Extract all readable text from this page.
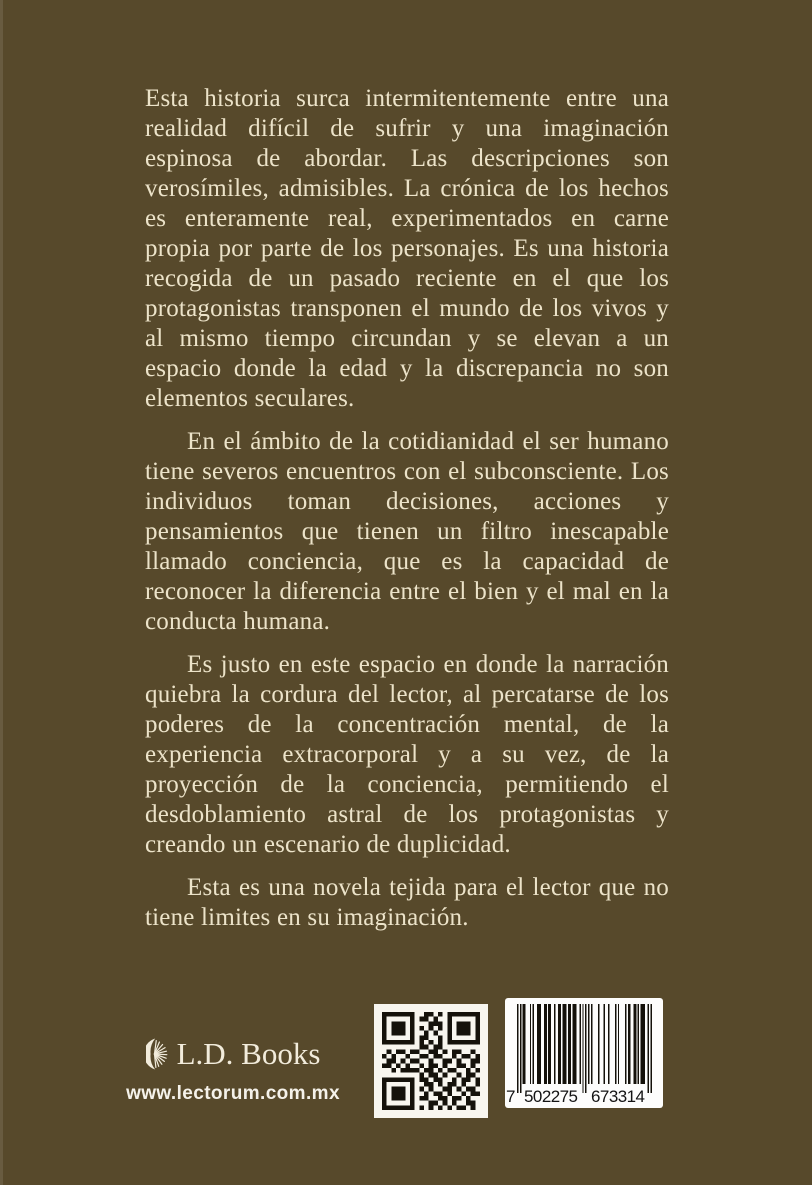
Esta historia surca intermitentemente entre una realidad difícil de sufrir y una imaginación espinosa de abordar. Las descripciones son verosímiles, admisibles. La crónica de los hechos es enteramente real, experimentados en carne propia por parte de los personajes. Es una historia recogida de un pasado reciente en el que los protagonistas transponen el mundo de los vivos y al mismo tiempo circundan y se elevan a un espacio donde la edad y la discrepancia no son elementos seculares.

En el ámbito de la cotidianidad el ser humano tiene severos encuentros con el subconsciente. Los individuos toman decisiones, acciones y pensamientos que tienen un filtro inescapable llamado conciencia, que es la capacidad de reconocer la diferencia entre el bien y el mal en la conducta humana.

Es justo en este espacio en donde la narración quiebra la cordura del lector, al percatarse de los poderes de la concentración mental, de la experiencia extracorporal y a su vez, de la proyección de la conciencia, permitiendo el desdoblamiento astral de los protagonistas y creando un escenario de duplicidad.

Esta es una novela tejida para el lector que no tiene limites en su imaginación.

L.D. Books
www.lectorum.com.mx	7 502275 673314
